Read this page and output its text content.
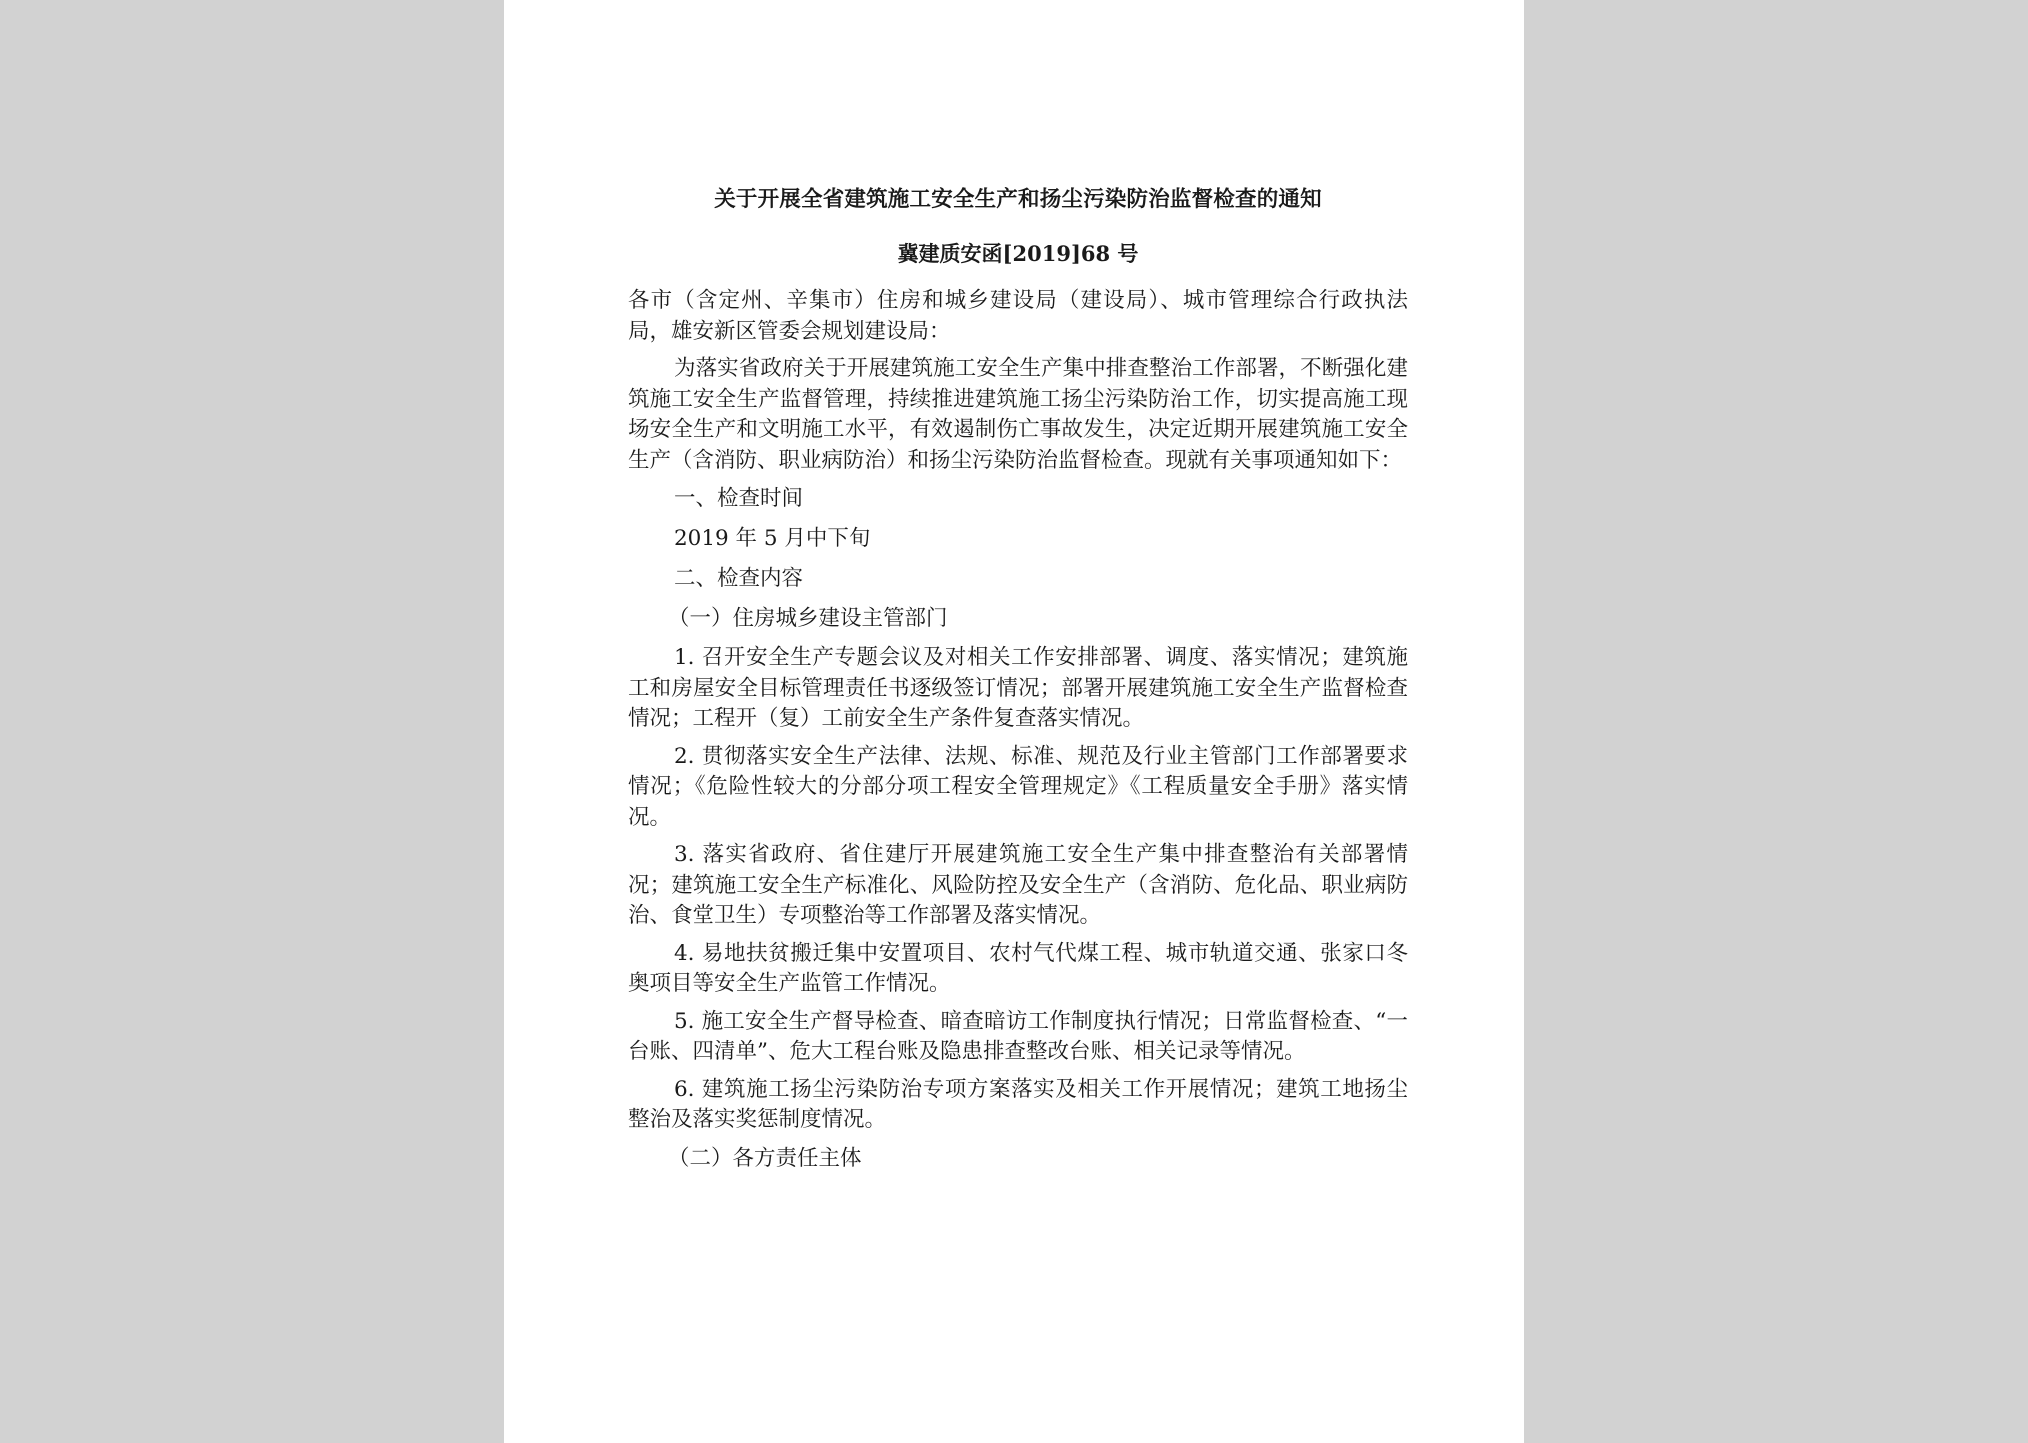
关于开展全省建筑施工安全生产和扬尘污染防治监督检查的通知
冀建质安函[2019]68 号

各市（含定州、辛集市）住房和城乡建设局（建设局）、城市管理综合行政执法局，雄安新区管委会规划建设局：

为落实省政府关于开展建筑施工安全生产集中排查整治工作部署，不断强化建筑施工安全生产监督管理，持续推进建筑施工扬尘污染防治工作，切实提高施工现场安全生产和文明施工水平，有效遏制伤亡事故发生，决定近期开展建筑施工安全生产（含消防、职业病防治）和扬尘污染防治监督检查。现就有关事项通知如下：

一、检查时间

2019 年 5 月中下旬

二、检查内容

（一）住房城乡建设主管部门

1. 召开安全生产专题会议及对相关工作安排部署、调度、落实情况；建筑施工和房屋安全目标管理责任书逐级签订情况；部署开展建筑施工安全生产监督检查情况；工程开（复）工前安全生产条件复查落实情况。

2. 贯彻落实安全生产法律、法规、标准、规范及行业主管部门工作部署要求情况；《危险性较大的分部分项工程安全管理规定》《工程质量安全手册》落实情况。

3. 落实省政府、省住建厅开展建筑施工安全生产集中排查整治有关部署情况；建筑施工安全生产标准化、风险防控及安全生产（含消防、危化品、职业病防治、食堂卫生）专项整治等工作部署及落实情况。

4. 易地扶贫搬迁集中安置项目、农村气代煤工程、城市轨道交通、张家口冬奥项目等安全生产监管工作情况。

5. 施工安全生产督导检查、暗查暗访工作制度执行情况；日常监督检查、“一台账、四清单”、危大工程台账及隐患排查整改台账、相关记录等情况。

6. 建筑施工扬尘污染防治专项方案落实及相关工作开展情况；建筑工地扬尘整治及落实奖惩制度情况。

（二）各方责任主体
